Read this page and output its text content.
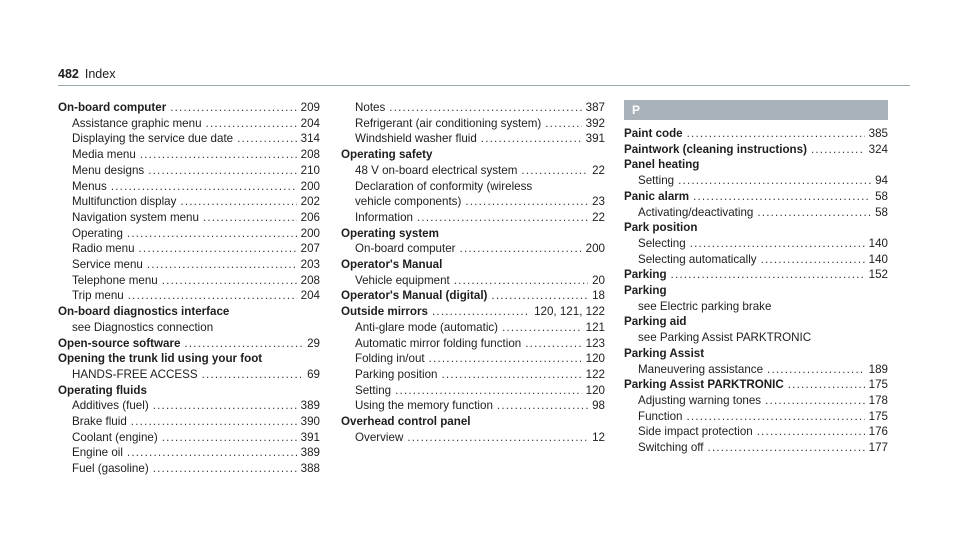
482 Index
On-board computer .....	209
Assistance graphic menu .....	204
Displaying the service due date .....	314
Media menu .....	208
Menu designs .....	210
Menus .....	200
Multifunction display .....	202
Navigation system menu .....	206
Operating .....	200
Radio menu .....	207
Service menu .....	203
Telephone menu .....	208
Trip menu .....	204
On-board diagnostics interface
see Diagnostics connection
Open-source software .....	29
Opening the trunk lid using your foot
HANDS-FREE ACCESS .....	69
Operating fluids
Additives (fuel) .....	389
Brake fluid .....	390
Coolant (engine) .....	391
Engine oil .....	389
Fuel (gasoline) .....	388
Notes .....	387
Refrigerant (air conditioning system) .....	392
Windshield washer fluid .....	391
Operating safety
48 V on-board electrical system .....	22
Declaration of conformity (wireless
vehicle components) .....	23
Information .....	22
Operating system
On-board computer .....	200
Operator's Manual
Vehicle equipment .....	20
Operator's Manual (digital) .....	18
Outside mirrors .....	120, 121, 122
Anti-glare mode (automatic) .....	121
Automatic mirror folding function .....	123
Folding in/out .....	120
Parking position .....	122
Setting .....	120
Using the memory function .....	98
Overhead control panel
Overview .....	12
P
Paint code .....	385
Paintwork (cleaning instructions) .....	324
Panel heating
Setting .....	94
Panic alarm .....	58
Activating/deactivating .....	58
Park position
Selecting .....	140
Selecting automatically .....	140
Parking .....	152
Parking
see Electric parking brake
Parking aid
see Parking Assist PARKTRONIC
Parking Assist
Maneuvering assistance .....	189
Parking Assist PARKTRONIC .....	175
Adjusting warning tones .....	178
Function .....	175
Side impact protection .....	176
Switching off .....	177
